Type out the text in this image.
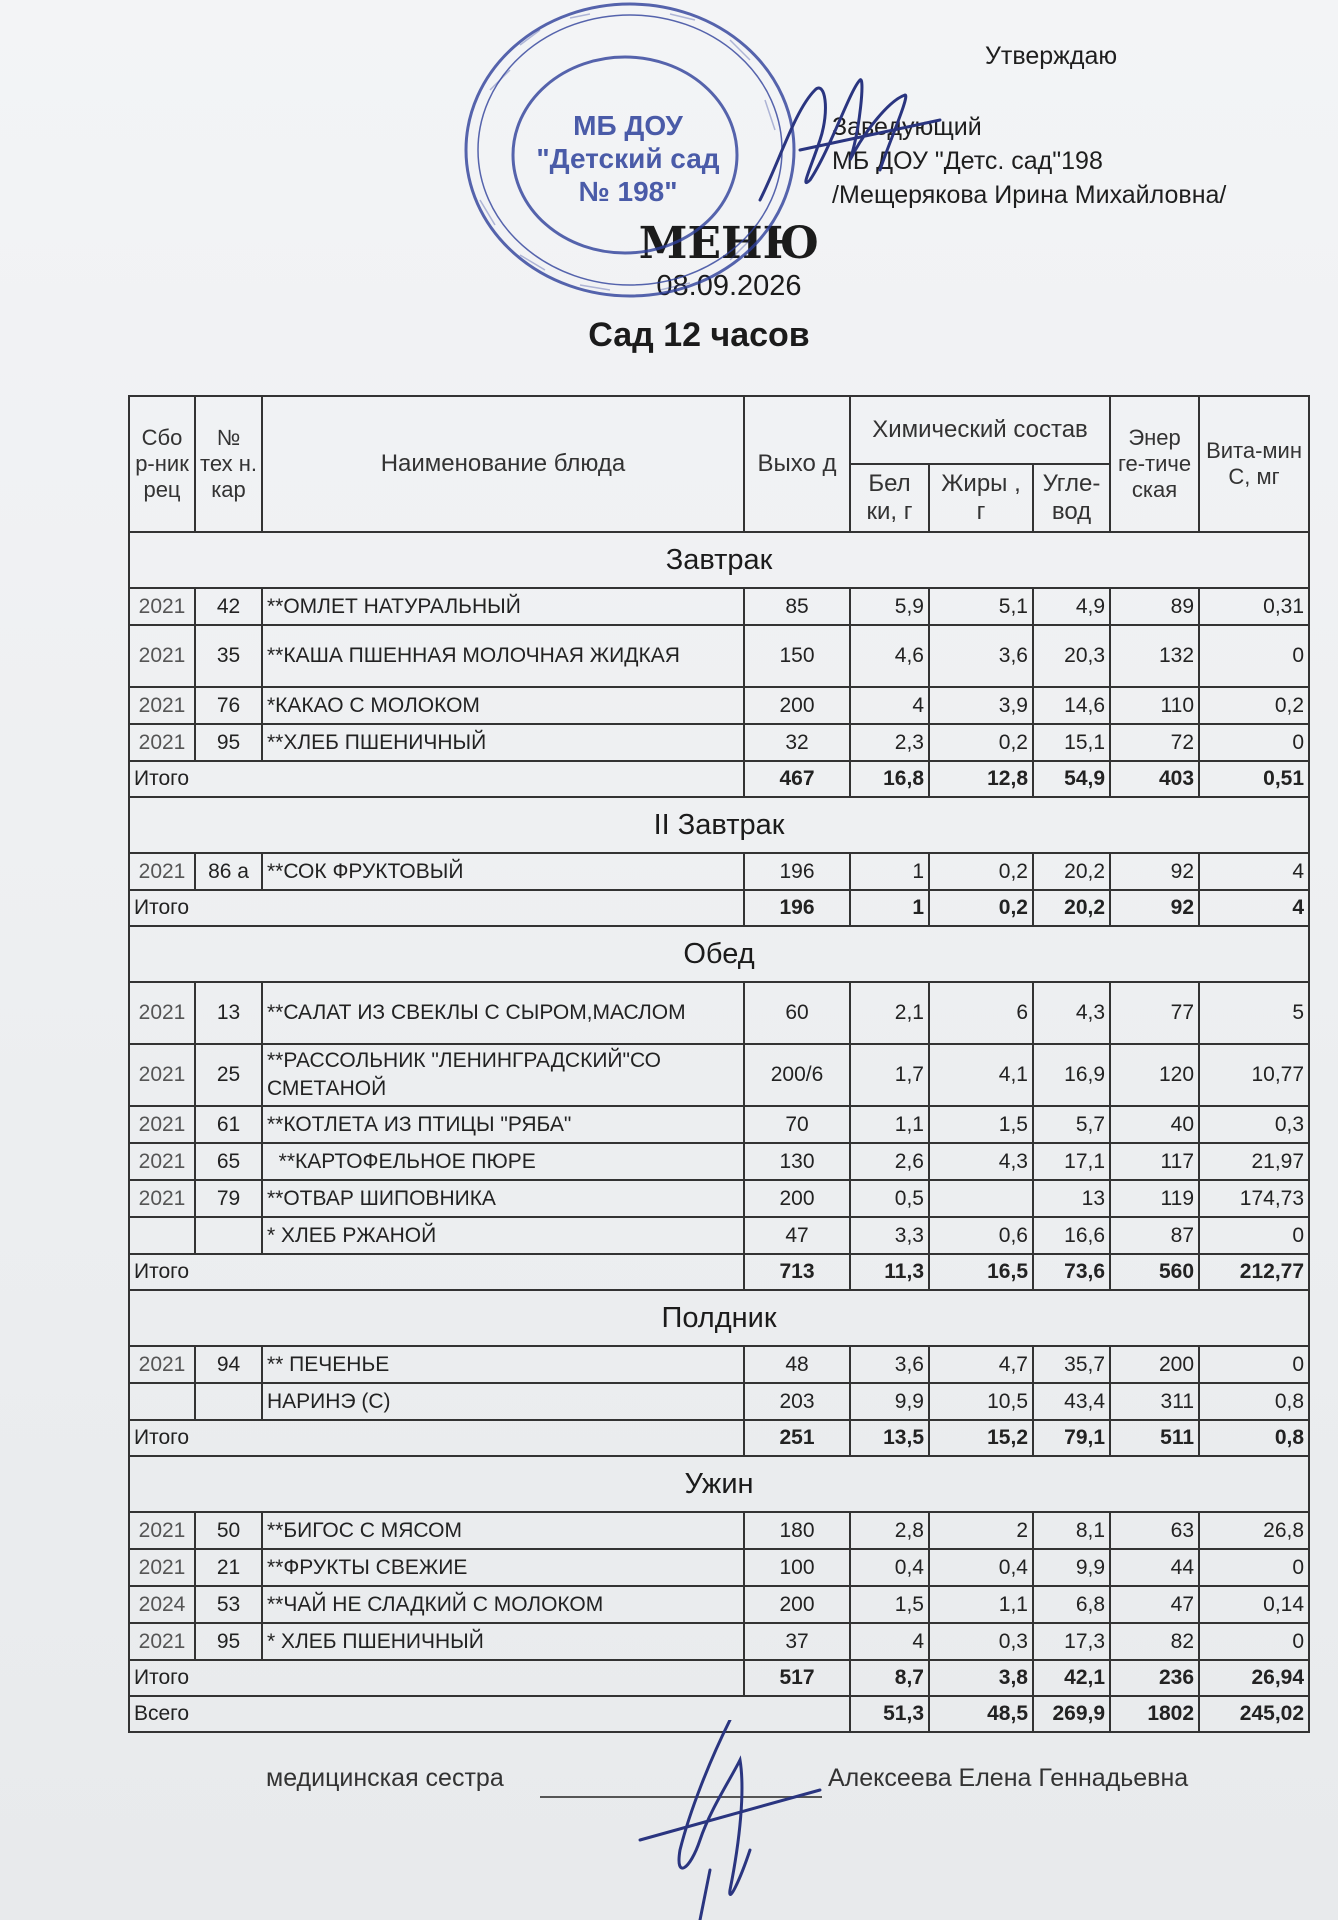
Утверждаю
Заведующий
МБ ДОУ "Детс. сад"198
/Мещерякова Ирина Михайловна/
МЕНЮ
08.09.2026
Сад 12 часов
МБ ДОУ
"Детский сад
№ 198"
Сбо р-ник рец	№ тех н. кар	Наименование блюда	Выхо д	Химический состав			Энер ге-тиче ская	Вита-мин С, мг
				Бел ки, г	Жиры , г	Угле-вод		
Завтрак								
2021	42	**ОМЛЕТ НАТУРАЛЬНЫЙ	85	5,9	5,1	4,9	89	0,31
2021	35	**КАША ПШЕННАЯ МОЛОЧНАЯ ЖИДКАЯ	150	4,6	3,6	20,3	132	0
2021	76	*КАКАО С МОЛОКОМ	200	4	3,9	14,6	110	0,2
2021	95	**ХЛЕБ ПШЕНИЧНЫЙ	32	2,3	0,2	15,1	72	0
Итого			467	16,8	12,8	54,9	403	0,51
II Завтрак								
2021	86 а	**СОК ФРУКТОВЫЙ	196	1	0,2	20,2	92	4
Итого			196	1	0,2	20,2	92	4
Обед								
2021	13	**САЛАТ ИЗ СВЕКЛЫ С СЫРОМ,МАСЛОМ	60	2,1	6	4,3	77	5
2021	25	**РАССОЛЬНИК "ЛЕНИНГРАДСКИЙ"СО СМЕТАНОЙ	200/6	1,7	4,1	16,9	120	10,77
2021	61	**КОТЛЕТА ИЗ ПТИЦЫ "РЯБА"	70	1,1	1,5	5,7	40	0,3
2021	65	**КАРТОФЕЛЬНОЕ ПЮРЕ	130	2,6	4,3	17,1	117	21,97
2021	79	**ОТВАР ШИПОВНИКА	200	0,5		13	119	174,73
		* ХЛЕБ РЖАНОЙ	47	3,3	0,6	16,6	87	0
Итого			713	11,3	16,5	73,6	560	212,77
Полдник								
2021	94	** ПЕЧЕНЬЕ	48	3,6	4,7	35,7	200	0
		НАРИНЭ (С)	203	9,9	10,5	43,4	311	0,8
Итого			251	13,5	15,2	79,1	511	0,8
Ужин								
2021	50	**БИГОС С МЯСОМ	180	2,8	2	8,1	63	26,8
2021	21	**ФРУКТЫ СВЕЖИЕ	100	0,4	0,4	9,9	44	0
2024	53	**ЧАЙ НЕ СЛАДКИЙ С МОЛОКОМ	200	1,5	1,1	6,8	47	0,14
2021	95	* ХЛЕБ ПШЕНИЧНЫЙ	37	4	0,3	17,3	82	0
Итого			517	8,7	3,8	42,1	236	26,94
Всего				51,3	48,5	269,9	1802	245,02
медицинская сестра	Алексеева Елена Геннадьевна
